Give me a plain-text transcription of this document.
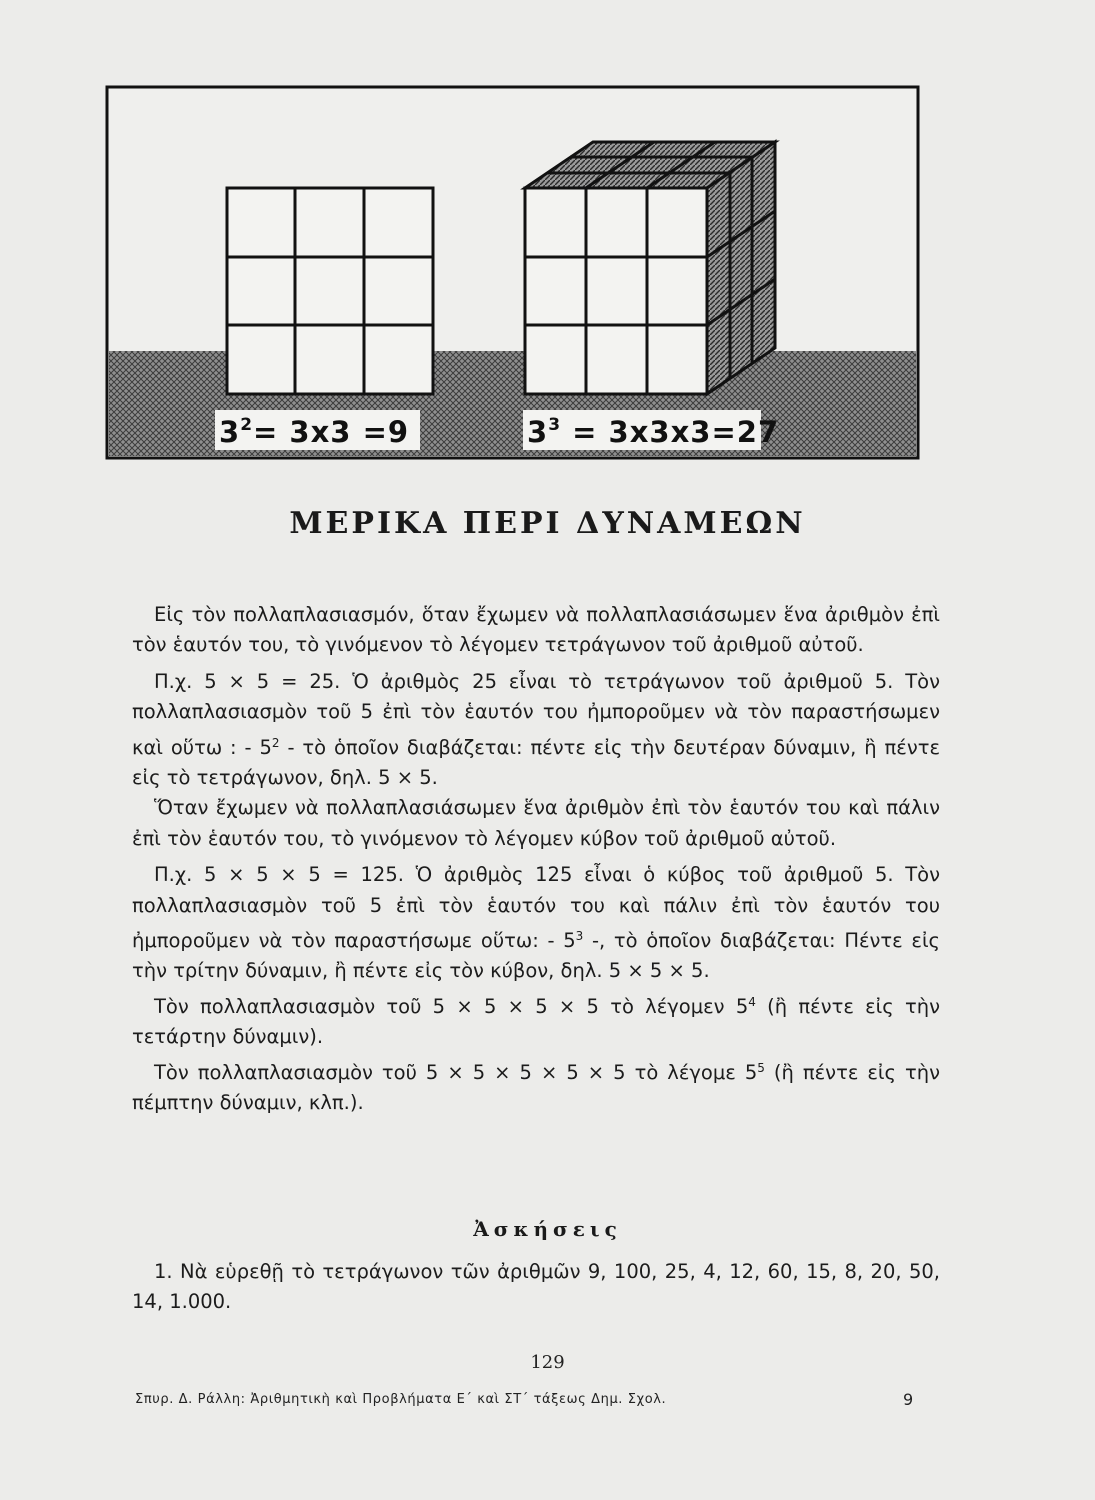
$3^2= 3x3 =9$	$3^3 = 3x3x3=27$
ΜΕΡΙΚΑ ΠΕΡΙ ΔΥΝΑΜΕΩΝ

Εἰς τὸν πολλαπλασιασμόν, ὅταν ἔχωμεν νὰ πολλαπλασιάσωμεν ἕνα ἀριθμὸν ἐπὶ τὸν ἑαυτόν του, τὸ γινόμενον τὸ λέγομεν τετράγωνον τοῦ ἀριθμοῦ αὐτοῦ.

Π.χ. 5 × 5 = 25. Ὁ ἀριθμὸς 25 εἶναι τὸ τετράγωνον τοῦ ἀριθμοῦ 5. Τὸν πολλαπλασιασμὸν τοῦ 5 ἐπὶ τὸν ἑαυτόν του ἠμποροῦμεν νὰ τὸν παραστήσωμεν καὶ οὕτω : - $5^2$ - τὸ ὁποῖον διαβάζεται: πέντε εἰς τὴν δευτέραν δύναμιν, ἢ πέντε εἰς τὸ τετράγωνον, δηλ. 5 × 5.

Ὅταν ἔχωμεν νὰ πολλαπλασιάσωμεν ἕνα ἀριθμὸν ἐπὶ τὸν ἑαυτόν του καὶ πάλιν ἐπὶ τὸν ἑαυτόν του, τὸ γινόμενον τὸ λέγομεν κύβον τοῦ ἀριθμοῦ αὐτοῦ.

Π.χ. 5 × 5 × 5 = 125. Ὁ ἀριθμὸς 125 εἶναι ὁ κύβος τοῦ ἀριθμοῦ 5. Τὸν πολλαπλασιασμὸν τοῦ 5 ἐπὶ τὸν ἑαυτόν του καὶ πάλιν ἐπὶ τὸν ἑαυτόν του ἠμποροῦμεν νὰ τὸν παραστήσωμε οὕτω: - $5^3$ -, τὸ ὁποῖον διαβάζεται: Πέντε εἰς τὴν τρίτην δύναμιν, ἢ πέντε εἰς τὸν κύβον, δηλ. 5 × 5 × 5.

Τὸν πολλαπλασιασμὸν τοῦ 5 × 5 × 5 × 5 τὸ λέγομεν $5^4$ (ἢ πέντε εἰς τὴν τετάρτην δύναμιν).

Τὸν πολλαπλασιασμὸν τοῦ 5 × 5 × 5 × 5 × 5 τὸ λέγομε $5^5$ (ἢ πέντε εἰς τὴν πέμπτην δύναμιν, κλπ.).

Ἀσκήσεις

1. Νὰ εὑρεθῇ τὸ τετράγωνον τῶν ἀριθμῶν 9, 100, 25, 4, 12, 60, 15, 8, 20, 50, 14, 1.000.

129
Σπυρ. Δ. Ράλλη: Ἀριθμητικὴ καὶ Προβλήματα Ε΄ καὶ ΣΤ΄ τάξεως Δημ. Σχολ.	9
